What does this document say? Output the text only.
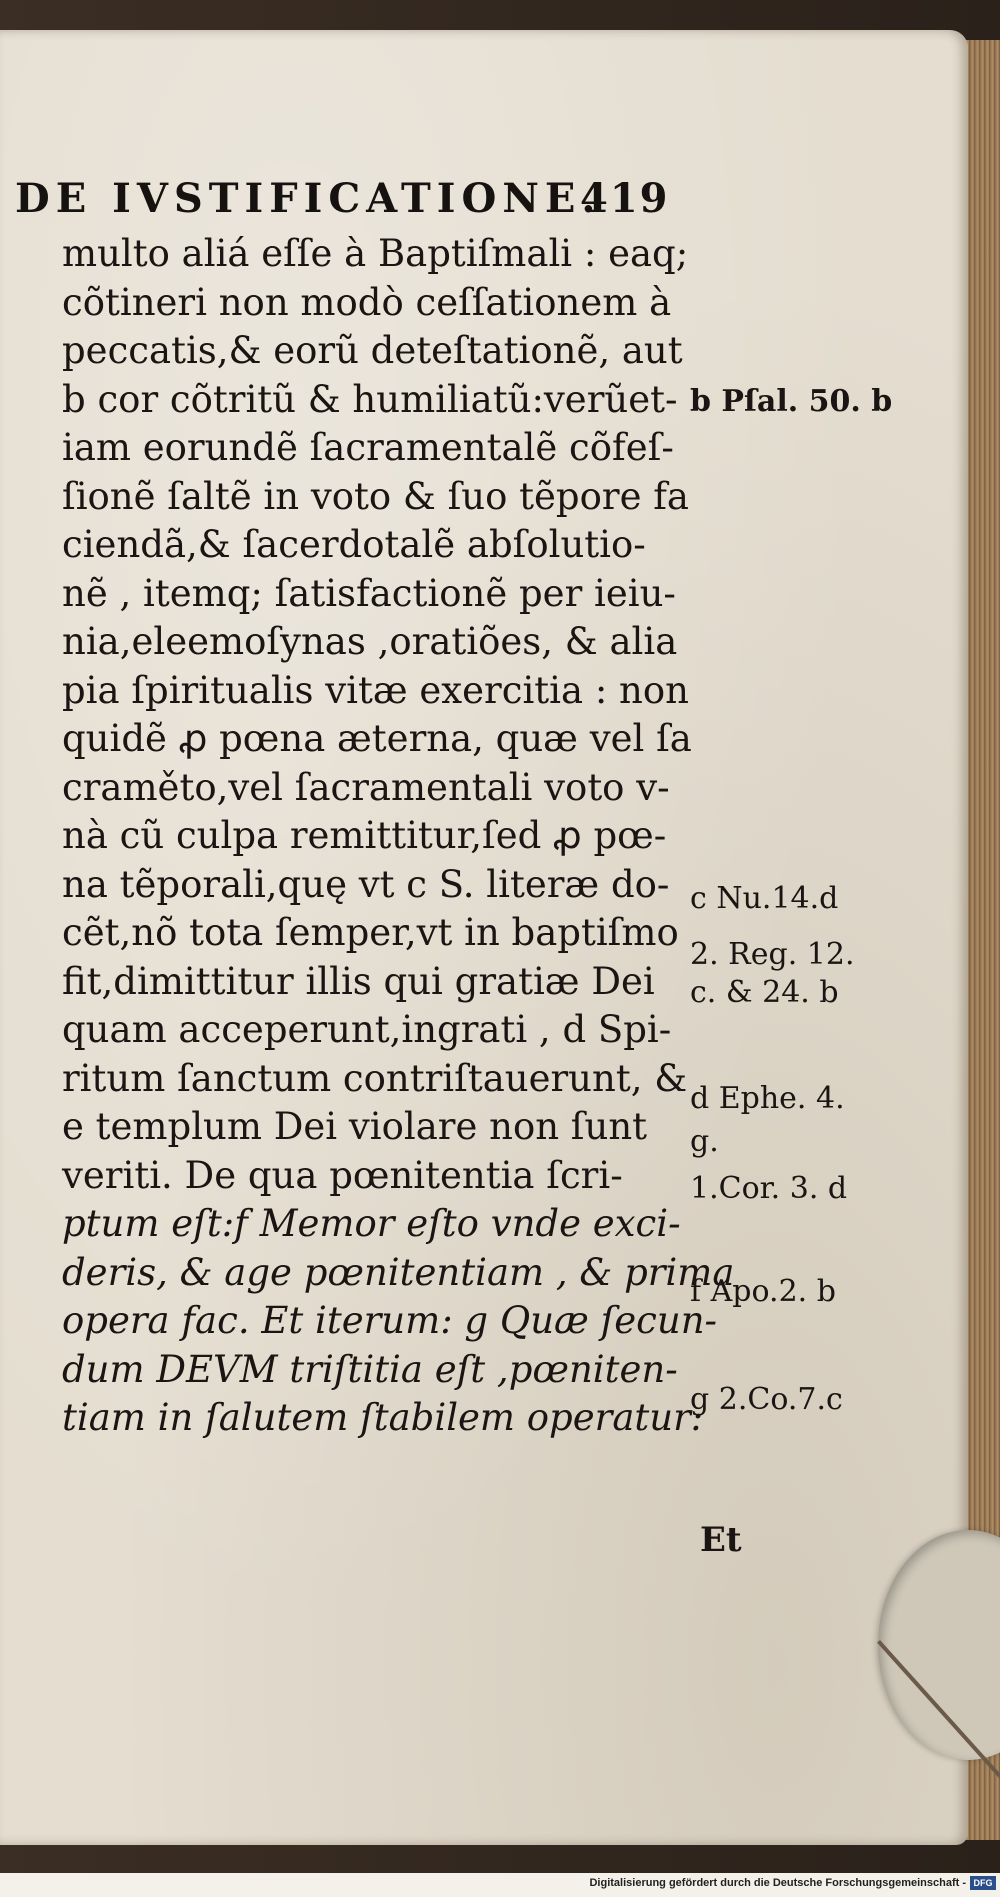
DE IVSTIFICATIONE.
419
multo aliá eſſe à Baptiſmali : eaq;
cõtineri non modò ceſſationem à
peccatis,& eorũ deteſtationẽ, aut
b cor cõtritũ & humiliatũ:verũet-
iam eorundẽ ſacramentalẽ cõfeſ-
ſionẽ ſaltẽ in voto & ſuo tẽpore fa
ciendã,& ſacerdotalẽ abſolutio-
nẽ , itemq; ſatisfactionẽ per ieiu-
nia,eleemoſynas ,oratiões, & alia
pia ſpiritualis vitæ exercitia : non
quidẽ ꝓ pœna æterna, quæ vel ſa
craměto,vel ſacramentali voto v-
nà cũ culpa remittitur,ſed ꝓ pœ-
na tẽporali,quę vt c S. literæ do-
cẽt,nõ tota ſemper,vt in baptiſmo
fit,dimittitur illis qui gratiæ Dei
quam acceperunt,ingrati , d Spi-
ritum ſanctum contriſtauerunt, &
e templum Dei violare non ſunt
veriti. De qua pœnitentia ſcri-
ptum eſt:f Memor eſto vnde exci-
deris, & age pœnitentiam , & prima
opera fac. Et iterum: g Quæ ſecun-
dum DEVM triſtitia eſt ,pœniten-
tiam in ſalutem ſtabilem operatur:
b Pſal. 50. b
c Nu.14.d
2. Reg. 12.
c. & 24. b
d Ephe. 4.
g.
1.Cor. 3. d
f Apo.2. b
g 2.Co.7.c
Et
Digitalisierung gefördert durch die Deutsche Forschungsgemeinschaft - DFG
